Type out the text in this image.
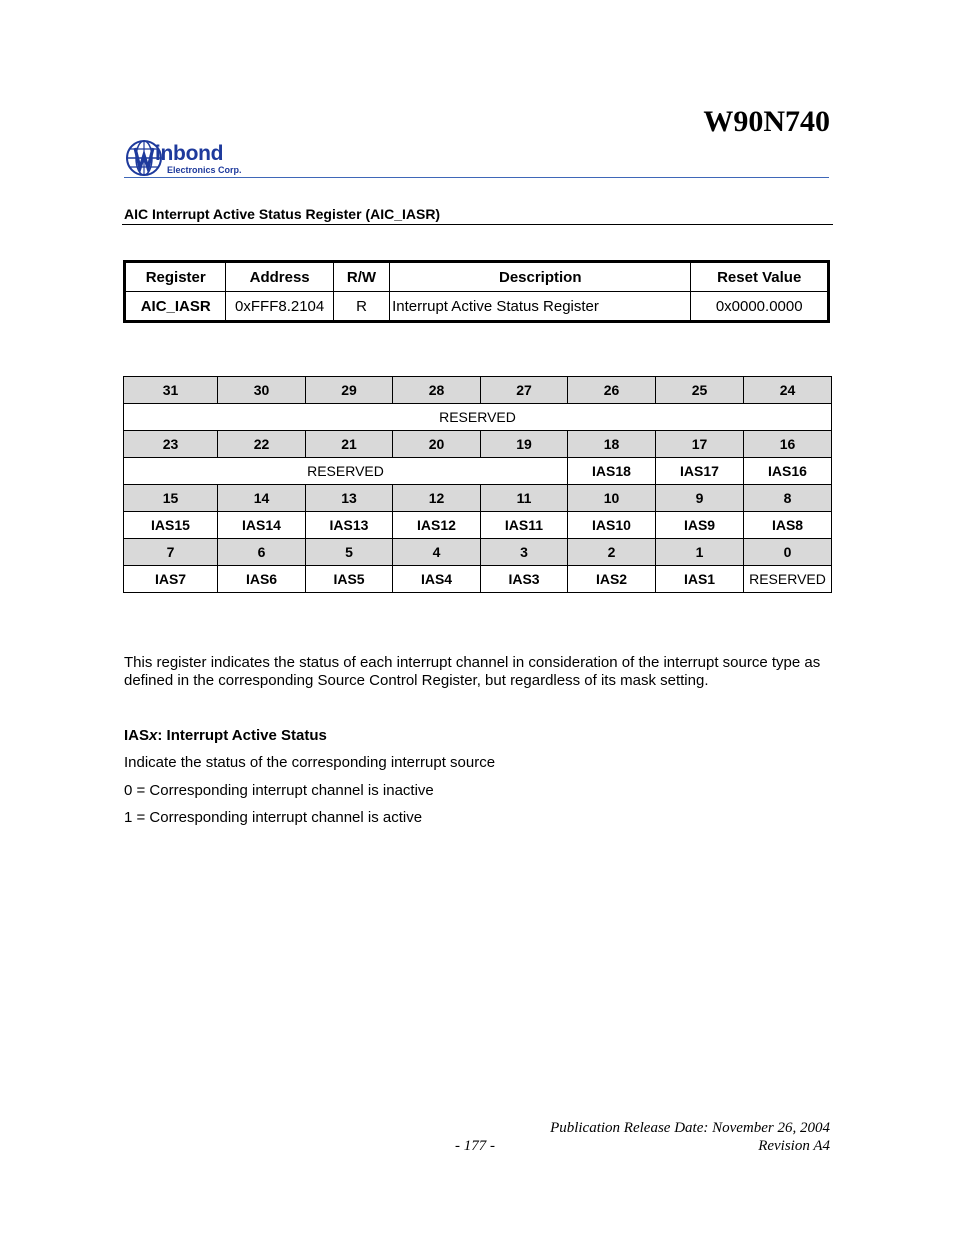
W90N740
inbond
Electronics Corp.
AIC Interrupt Active Status Register (AIC_IASR)
Register	Address	R/W	Description	Reset Value
AIC_IASR	0xFFF8.2104	R	Interrupt Active Status Register	0x0000.0000
31	30	29	28	27	26	25	24
RESERVED							
23	22	21	20	19	18	17	16
RESERVED					IAS18	IAS17	IAS16
15	14	13	12	11	10	9	8
IAS15	IAS14	IAS13	IAS12	IAS11	IAS10	IAS9	IAS8
7	6	5	4	3	2	1	0
IAS7	IAS6	IAS5	IAS4	IAS3	IAS2	IAS1	RESERVED
This register indicates the status of each interrupt channel in consideration of the interrupt source type as defined in the corresponding Source Control Register, but regardless of its mask setting.
IASx: Interrupt Active Status
Indicate the status of the corresponding interrupt source
0 = Corresponding interrupt channel is inactive
1 = Corresponding interrupt channel is active
Publication Release Date: November 26, 2004
- 177 -	Revision A4
